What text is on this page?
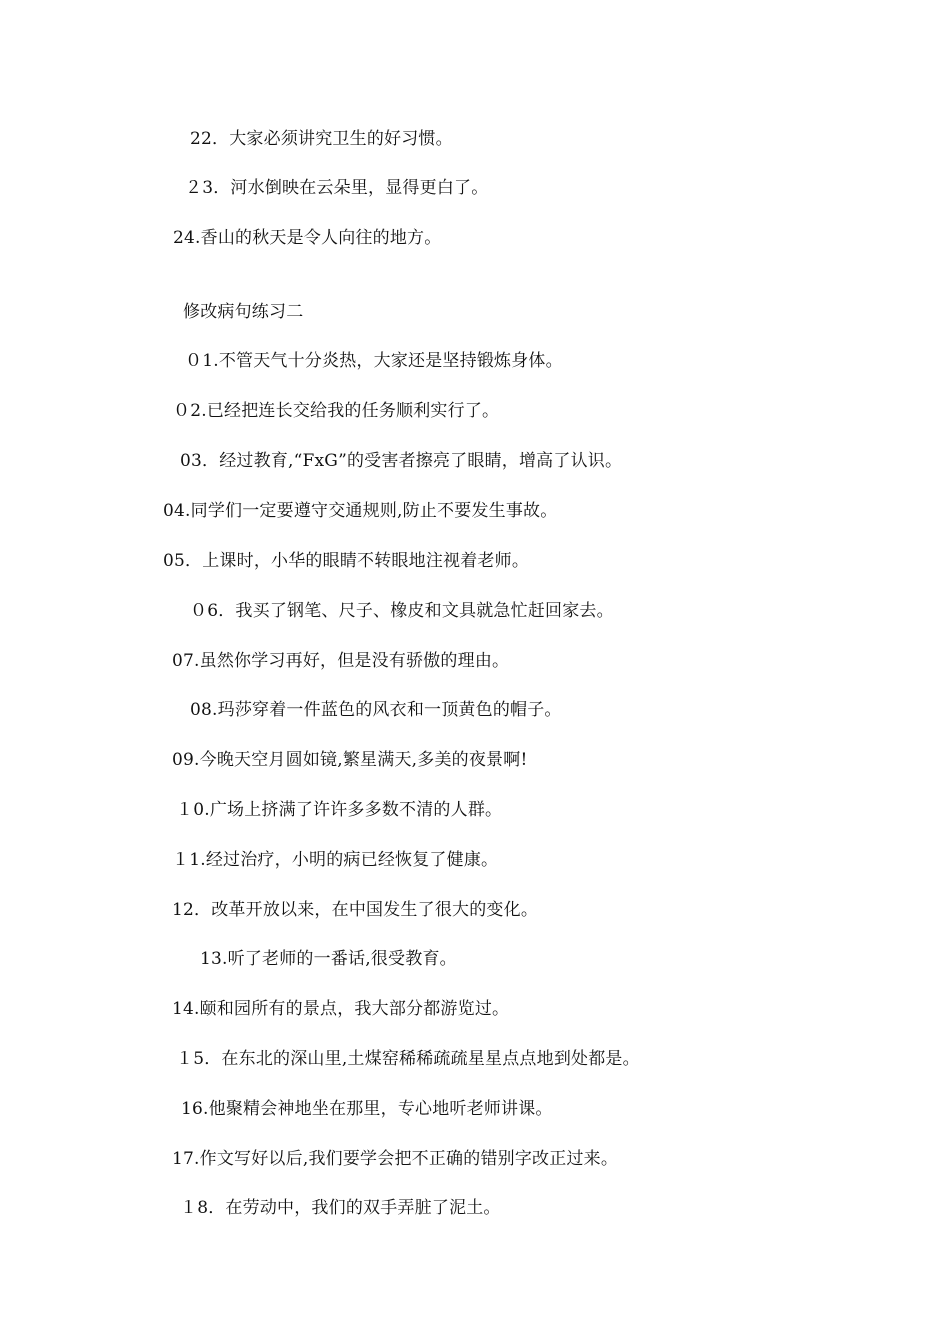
22．大家必须讲究卫生的好习惯。
２3．河水倒映在云朵里，显得更白了。
24.香山的秋天是令人向往的地方。
修改病句练习二
０1.不管天气十分炎热，大家还是坚持锻炼身体。
０2.已经把连长交给我的任务顺利实行了。
03．经过教育,“FxG”的受害者擦亮了眼睛，增高了认识。
04.同学们一定要遵守交通规则,防止不要发生事故。
05．上课时，小华的眼睛不转眼地注视着老师。
０6．我买了钢笔、尺子、橡皮和文具就急忙赶回家去。
07.虽然你学习再好，但是没有骄傲的理由。
08.玛莎穿着一件蓝色的风衣和一顶黄色的帽子。
09.今晚天空月圆如镜,繁星满天,多美的夜景啊!
１0.广场上挤满了许许多多数不清的人群。
１1.经过治疗，小明的病已经恢复了健康。
12．改革开放以来，在中国发生了很大的变化。
13.听了老师的一番话,很受教育。
14.颐和园所有的景点，我大部分都游览过。
１5．在东北的深山里,土煤窑稀稀疏疏星星点点地到处都是。
16.他聚精会神地坐在那里，专心地听老师讲课。
17.作文写好以后,我们要学会把不正确的错别字改正过来。
１8．在劳动中，我们的双手弄脏了泥土。
